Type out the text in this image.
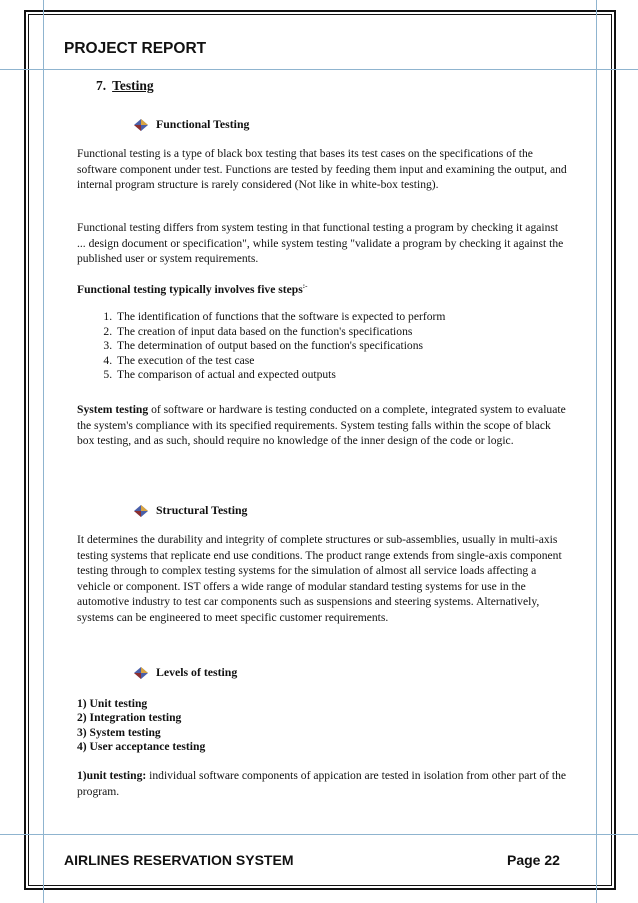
PROJECT REPORT
7. Testing
Functional Testing
Functional testing is a type of black box testing that bases its test cases on the specifications of the software component under test. Functions are tested by feeding them input and examining the output, and internal program structure is rarely considered (Not like in white-box testing).
Functional testing differs from system testing in that functional testing a program by checking it against ... design document or specification", while system testing "validate a program by checking it against the published user or system requirements.
Functional testing typically involves five steps:-
1. The identification of functions that the software is expected to perform
2. The creation of input data based on the function's specifications
3. The determination of output based on the function's specifications
4. The execution of the test case
5. The comparison of actual and expected outputs
System testing of software or hardware is testing conducted on a complete, integrated system to evaluate the system's compliance with its specified requirements. System testing falls within the scope of black box testing, and as such, should require no knowledge of the inner design of the code or logic.
Structural Testing
It determines the durability and integrity of complete structures or sub-assemblies, usually in multi-axis testing systems that replicate end use conditions. The product range extends from single-axis component testing through to complex testing systems for the simulation of almost all service loads affecting a vehicle or component. IST offers a wide range of modular standard testing systems for use in the automotive industry to test car components such as suspensions and steering systems. Alternatively, systems can be engineered to meet specific customer requirements.
Levels of testing
1) Unit testing
2) Integration testing
3) System testing
4) User acceptance testing
1)unit testing: individual software components of appication are tested in isolation from other part of the program.
AIRLINES RESERVATION SYSTEM	Page 22
